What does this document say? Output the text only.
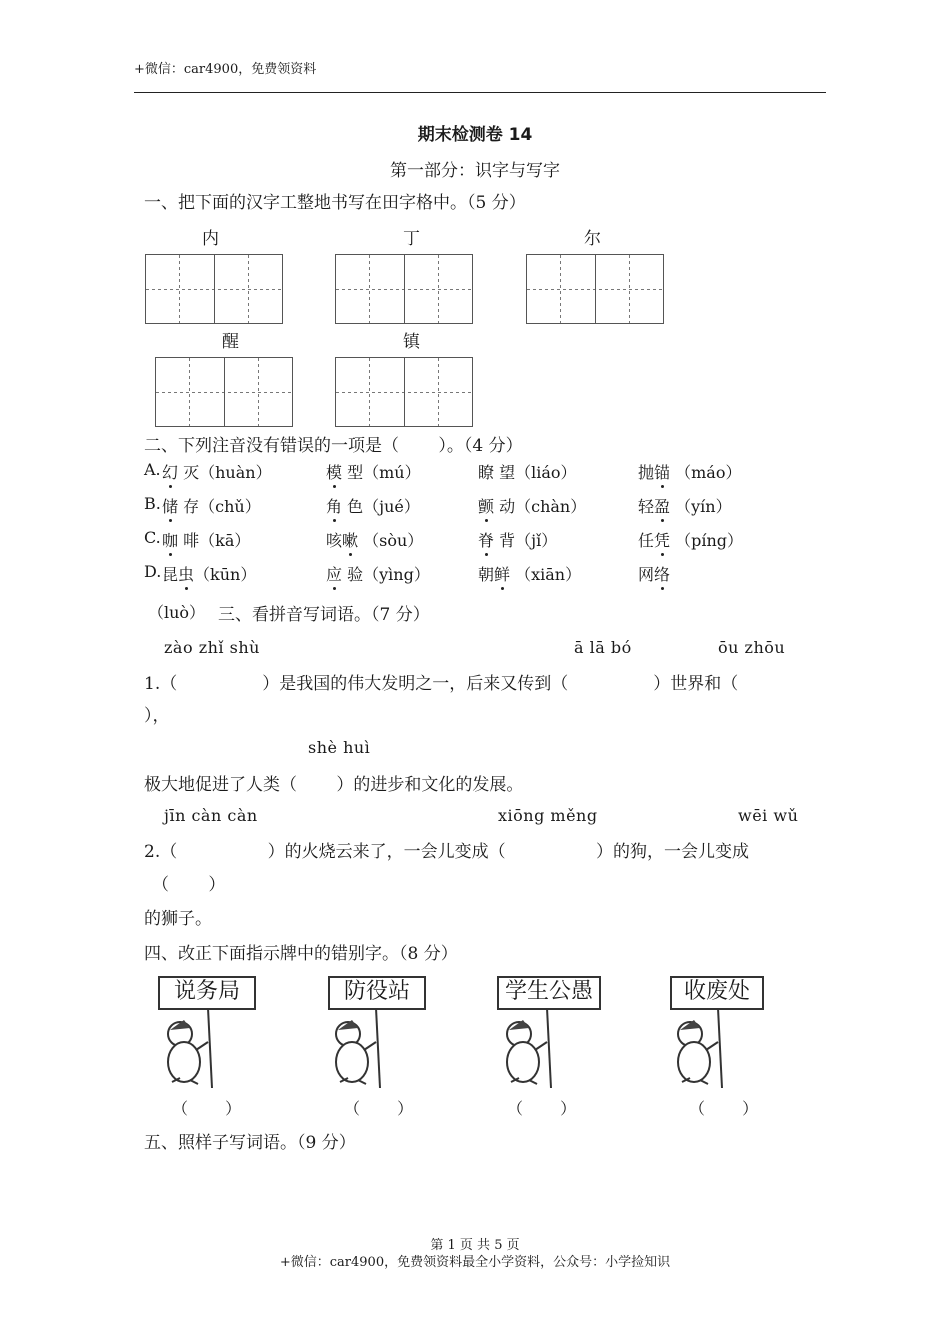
+微信：car4900，免费领资料
期末检测卷 14
第一部分：识字与写字
一、把下面的汉字工整地书写在田字格中。（5 分）
内	丁	尔
醒	镇
二、下列注音没有错误的一项是（　　 ）。（4 分）
A. 幻 灭（huàn）	模 型（mú）	瞭 望（liáo）	抛锚 （máo）
B. 储 存（chǔ）	角 色（jué）	颤 动（chàn）	轻盈 （yín）
C. 咖 啡（kā）	咳嗽 （sòu）	脊 背（jǐ）	任凭 （píng）
D. 昆虫（kūn）	应 验（yìng）	朝鲜 （xiān）	网络
（luò） 三、看拼音写词语。（7 分）
zào zhǐ shù	ā lā bó	ōu zhōu
1.（　　　　　）是我国的伟大发明之一，后来又传到（　　　　　）世界和（
），
shè huì
极大地促进了人类（　　 ）的进步和文化的发展。
jīn càn càn	xiōng měng	wēi wǔ
2.（　　　　　 ）的火烧云来了，一会儿变成（　　　　　 ）的狗，一会儿变成
（　　 ）
的狮子。
四、改正下面指示牌中的错别字。（8 分）
说务局	防役站	学生公愚	收废处
（　　 ）	（　　 ）	（　　 ）	（　　 ）
五、照样子写词语。（9 分）
第 1 页 共 5 页
+微信：car4900，免费领资料最全小学资料，公众号：小学捡知识
